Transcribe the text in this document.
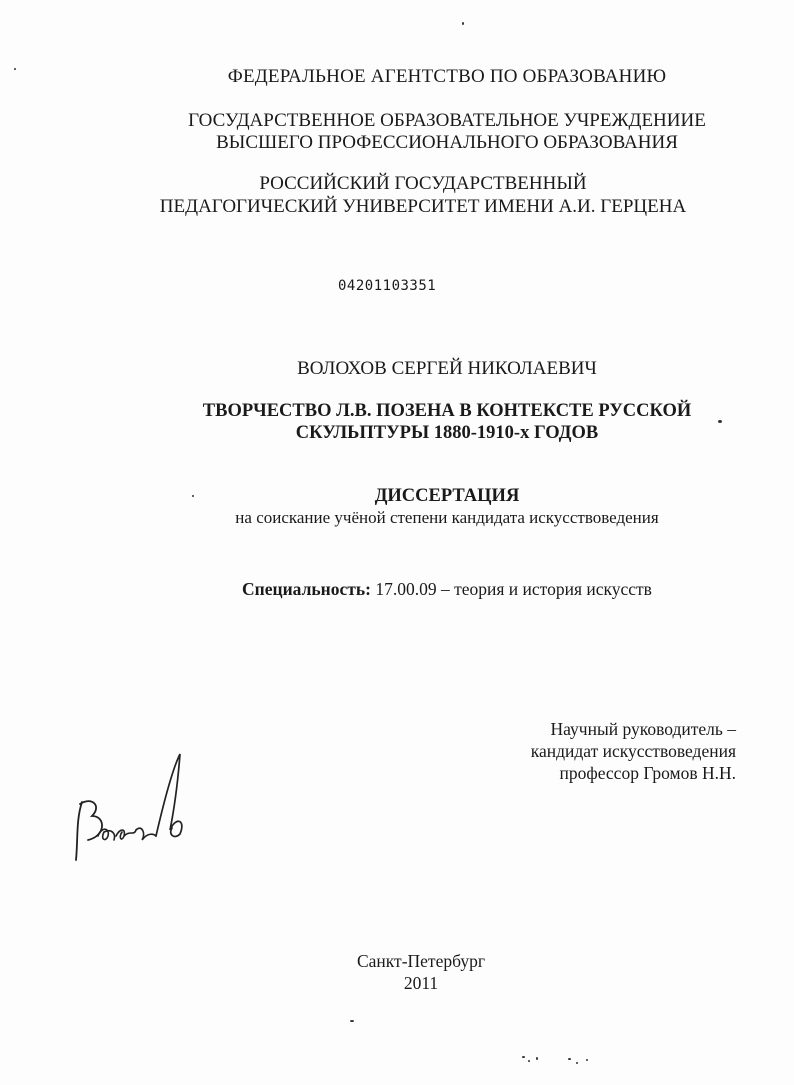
ФЕДЕРАЛЬНОЕ АГЕНТСТВО ПО ОБРАЗОВАНИЮ
ГОСУДАРСТВЕННОЕ ОБРАЗОВАТЕЛЬНОЕ УЧРЕЖДЕНИИЕ
ВЫСШЕГО ПРОФЕССИОНАЛЬНОГО ОБРАЗОВАНИЯ
РОССИЙСКИЙ ГОСУДАРСТВЕННЫЙ
ПЕДАГОГИЧЕСКИЙ УНИВЕРСИТЕТ ИМЕНИ А.И. ГЕРЦЕНА
04201103351
ВОЛОХОВ СЕРГЕЙ НИКОЛАЕВИЧ
ТВОРЧЕСТВО Л.В. ПОЗЕНА В КОНТЕКСТЕ РУССКОЙ
СКУЛЬПТУРЫ 1880-1910-х ГОДОВ
ДИССЕРТАЦИЯ
на соискание учёной степени кандидата искусствоведения
Специальность: 17.00.09 – теория и история искусств
Научный руководитель –
кандидат искусствоведения
профессор Громов Н.Н.
Санкт-Петербург
2011
